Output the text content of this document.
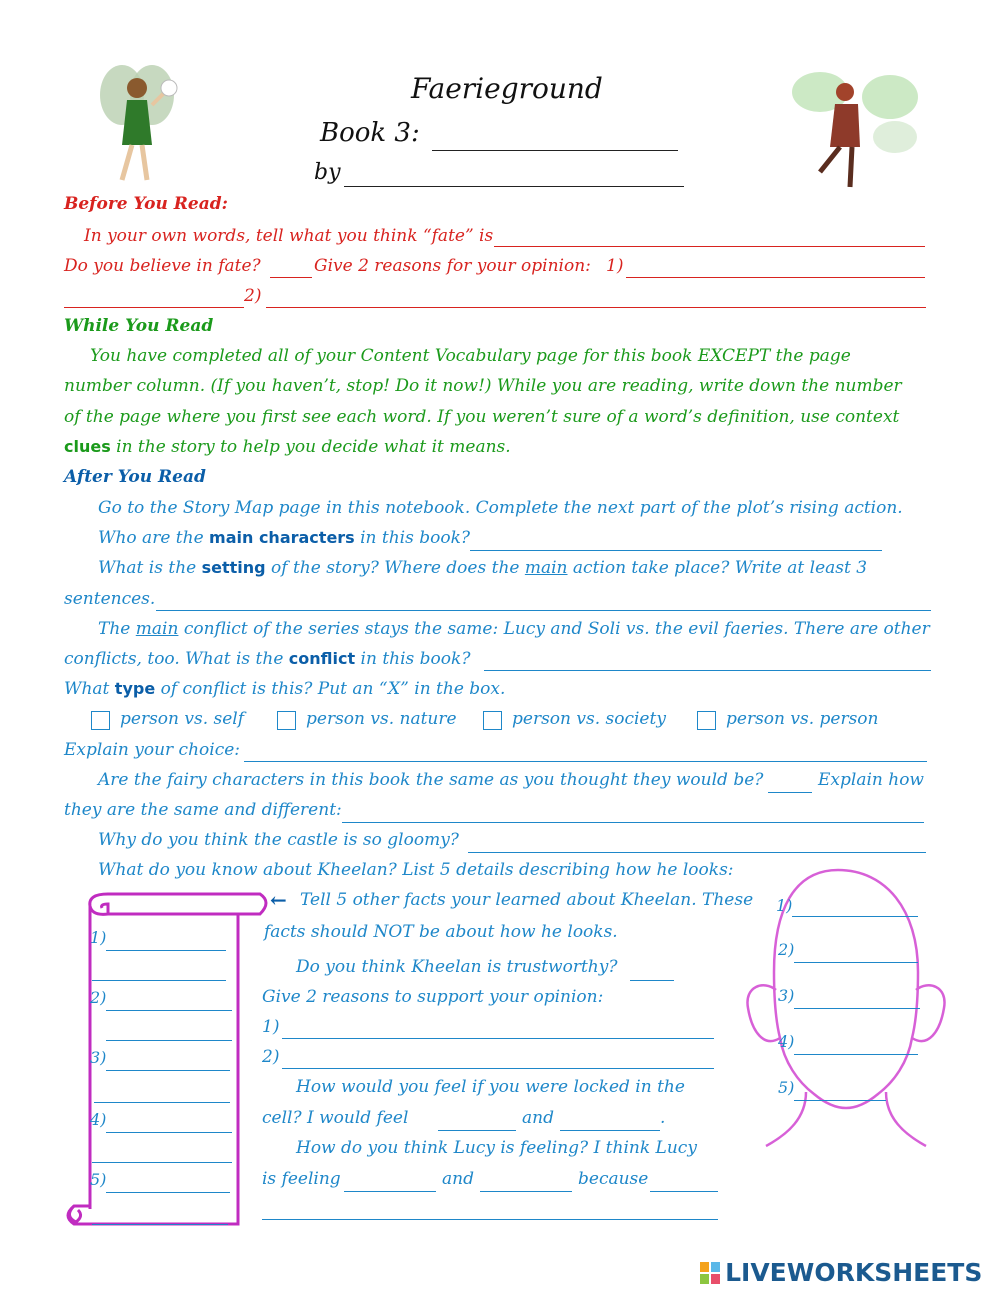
Faerieground
Book 3:
by
Before You Read:
In your own words, tell what you think “fate” is
Do you believe in fate?	Give 2 reasons for your opinion: 1)
2)
While You Read
You have completed all of your Content Vocabulary page for this book EXCEPT the page
number column. (If you haven’t, stop! Do it now!) While you are reading, write down the number
of the page where you first see each word. If you weren’t sure of a word’s definition, use context
clues in the story to help you decide what it means.
After You Read
Go to the Story Map page in this notebook. Complete the next part of the plot’s rising action.
Who are the main characters in this book?
What is the setting of the story? Where does the main action take place? Write at least 3
sentences.
The main conflict of the series stays the same: Lucy and Soli vs. the evil faeries. There are other
conflicts, too. What is the conflict in this book?
What type of conflict is this? Put an “X” in the box.
person vs. self	person vs. nature	person vs. society	person vs. person
Explain your choice:
Are the fairy characters in this book the same as you thought they would be?	Explain how
they are the same and different:
Why do you think the castle is so gloomy?
What do you know about Kheelan? List 5 details describing how he looks:
1)
2)
3)
4)
5)
← Tell 5 other facts your learned about Kheelan. These
facts should NOT be about how he looks.
Do you think Kheelan is trustworthy?
Give 2 reasons to support your opinion:
1)
2)
How would you feel if you were locked in the
cell? I would feel	and	.
How do you think Lucy is feeling? I think Lucy
is feeling	and	because
1)
2)
3)
4)
5)
LIVEWORKSHEETS
